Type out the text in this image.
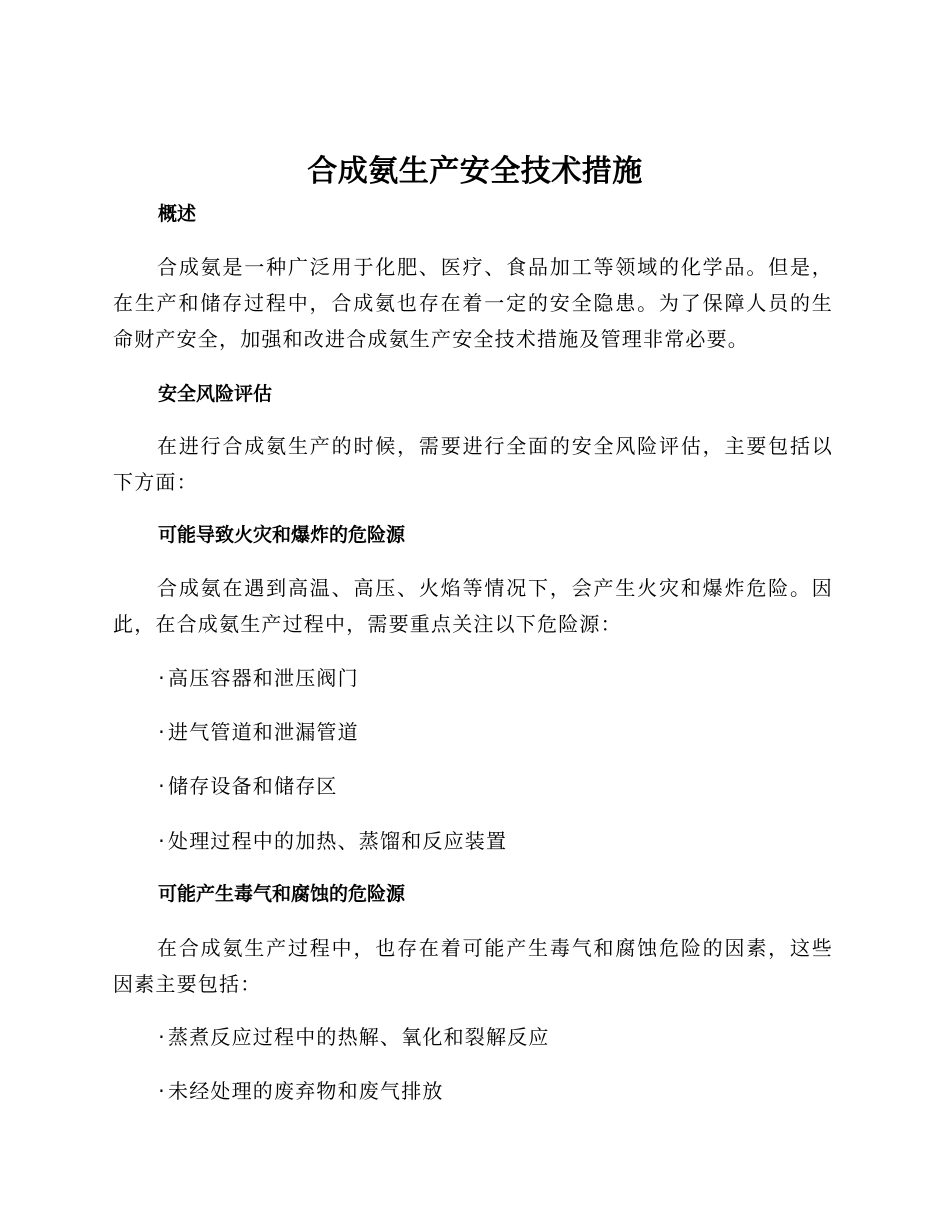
合成氨生产安全技术措施
概述
合成氨是一种广泛用于化肥、医疗、食品加工等领域的化学品。但是，在生产和储存过程中，合成氨也存在着一定的安全隐患。为了保障人员的生命财产安全，加强和改进合成氨生产安全技术措施及管理非常必要。
安全风险评估
在进行合成氨生产的时候，需要进行全面的安全风险评估，主要包括以下方面：
可能导致火灾和爆炸的危险源
合成氨在遇到高温、高压、火焰等情况下，会产生火灾和爆炸危险。因此，在合成氨生产过程中，需要重点关注以下危险源：
· 高压容器和泄压阀门
· 进气管道和泄漏管道
· 储存设备和储存区
· 处理过程中的加热、蒸馏和反应装置
可能产生毒气和腐蚀的危险源
在合成氨生产过程中，也存在着可能产生毒气和腐蚀危险的因素，这些因素主要包括：
· 蒸煮反应过程中的热解、氧化和裂解反应
· 未经处理的废弃物和废气排放
